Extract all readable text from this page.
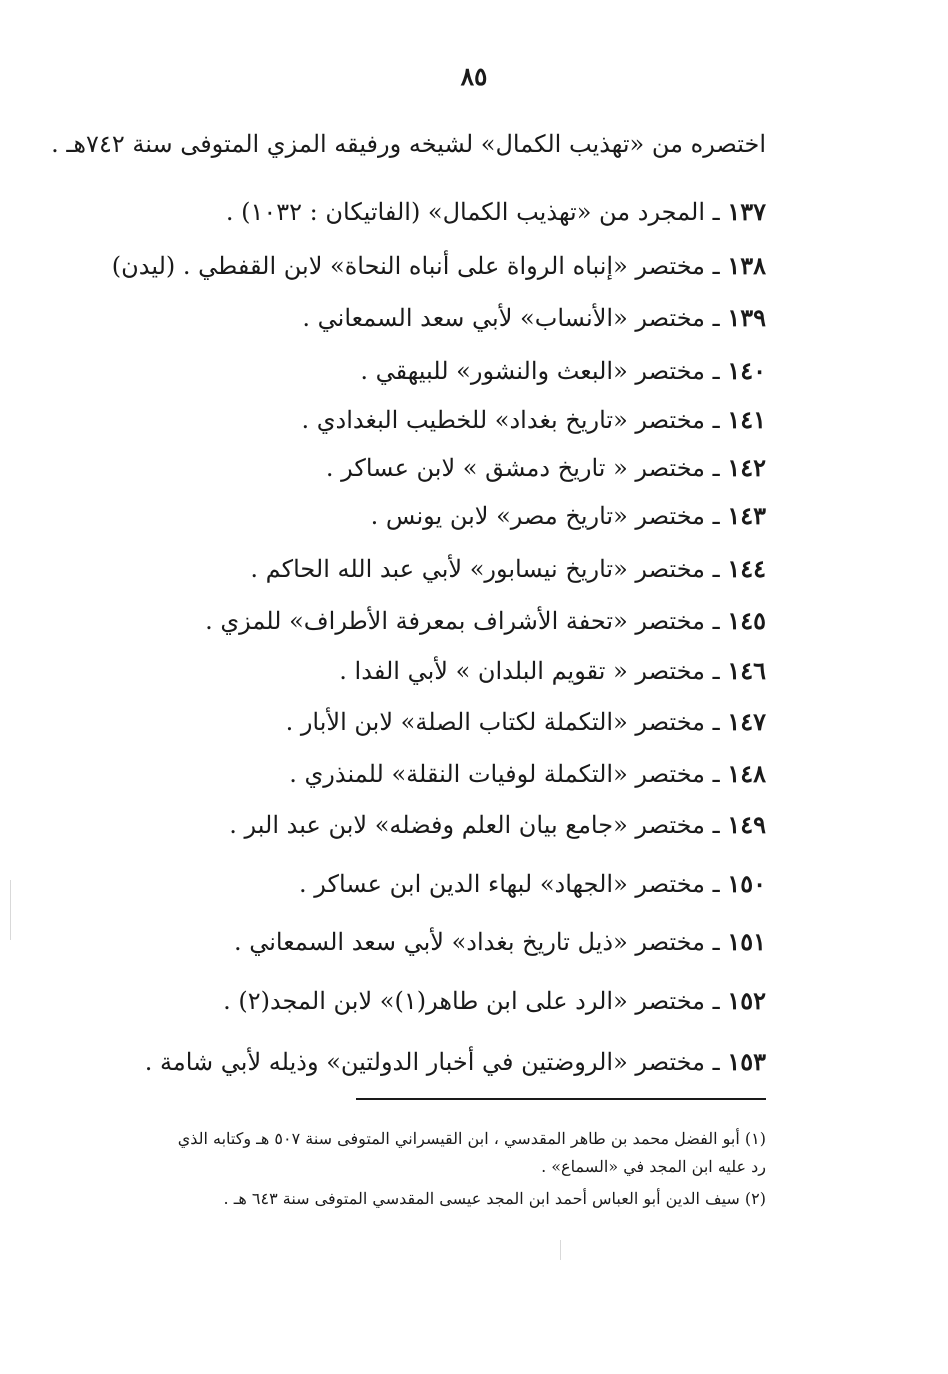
٨٥
اختصره من «تهذيب الكمال» لشيخه ورفيقه المزي المتوفى سنة ٧٤٢هـ .
١٣٧ ـ المجرد من «تهذيب الكمال» (الفاتيكان : ١٠٣٢) .
١٣٨ ـ مختصر «إنباه الرواة على أنباه النحاة» لابن القفطي . (ليدن)
١٣٩ ـ مختصر «الأنساب» لأبي سعد السمعاني .
١٤٠ ـ مختصر «البعث والنشور» للبيهقي .
١٤١ ـ مختصر «تاريخ بغداد» للخطيب البغدادي .
١٤٢ ـ مختصر « تاريخ دمشق » لابن عساكر .
١٤٣ ـ مختصر «تاريخ مصر» لابن يونس .
١٤٤ ـ مختصر «تاريخ نيسابور» لأبي عبد الله الحاكم .
١٤٥ ـ مختصر «تحفة الأشراف بمعرفة الأطراف» للمزي .
١٤٦ ـ مختصر « تقويم البلدان » لأبي الفدا .
١٤٧ ـ مختصر «التكملة لكتاب الصلة» لابن الأبار .
١٤٨ ـ مختصر «التكملة لوفيات النقلة» للمنذري .
١٤٩ ـ مختصر «جامع بيان العلم وفضله» لابن عبد البر .
١٥٠ ـ مختصر «الجهاد» لبهاء الدين ابن عساكر .
١٥١ ـ مختصر «ذيل تاريخ بغداد» لأبي سعد السمعاني .
١٥٢ ـ مختصر «الرد على ابن طاهر(١)» لابن المجد(٢) .
١٥٣ ـ مختصر «الروضتين في أخبار الدولتين» وذيله لأبي شامة .
(١) أبو الفضل محمد بن طاهر المقدسي ، ابن القيسراني المتوفى سنة ٥٠٧ هـ وكتابه الذي
رد عليه ابن المجد في «السماع» .
(٢) سيف الدين أبو العباس أحمد ابن المجد عيسى المقدسي المتوفى سنة ٦٤٣ هـ .
